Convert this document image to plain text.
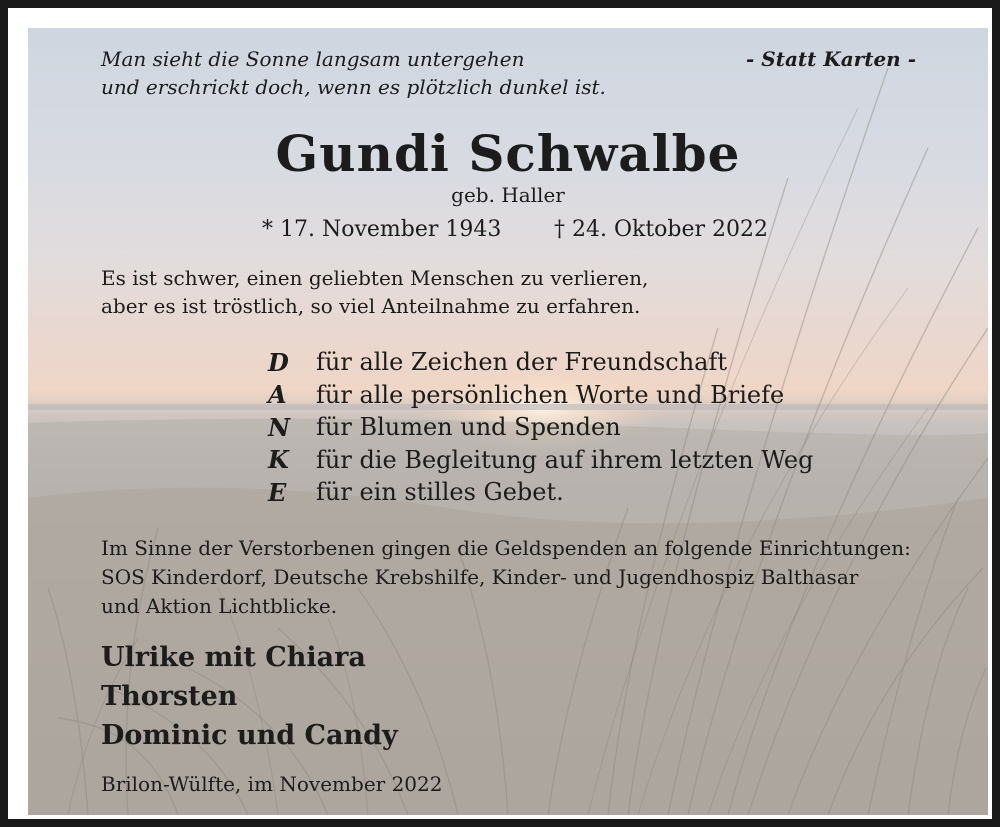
Man sieht die Sonne langsam untergehen
und erschrickt doch, wenn es plötzlich dunkel ist.

- Statt Karten -

Gundi Schwalbe

geb. Haller

* 17. November 1943 † 24. Oktober 2022

Es ist schwer, einen geliebten Menschen zu verlieren,
aber es ist tröstlich, so viel Anteilnahme zu erfahren.

D	für alle Zeichen der Freundschaft
A	für alle persönlichen Worte und Briefe
N	für Blumen und Spenden
K	für die Begleitung auf ihrem letzten Weg
E	für ein stilles Gebet.

Im Sinne der Verstorbenen gingen die Geldspenden an folgende Einrichtungen:
SOS Kinderdorf, Deutsche Krebshilfe, Kinder- und Jugendhospiz Balthasar
und Aktion Lichtblicke.

Ulrike mit Chiara
Thorsten
Dominic und Candy

Brilon-Wülfte, im November 2022
